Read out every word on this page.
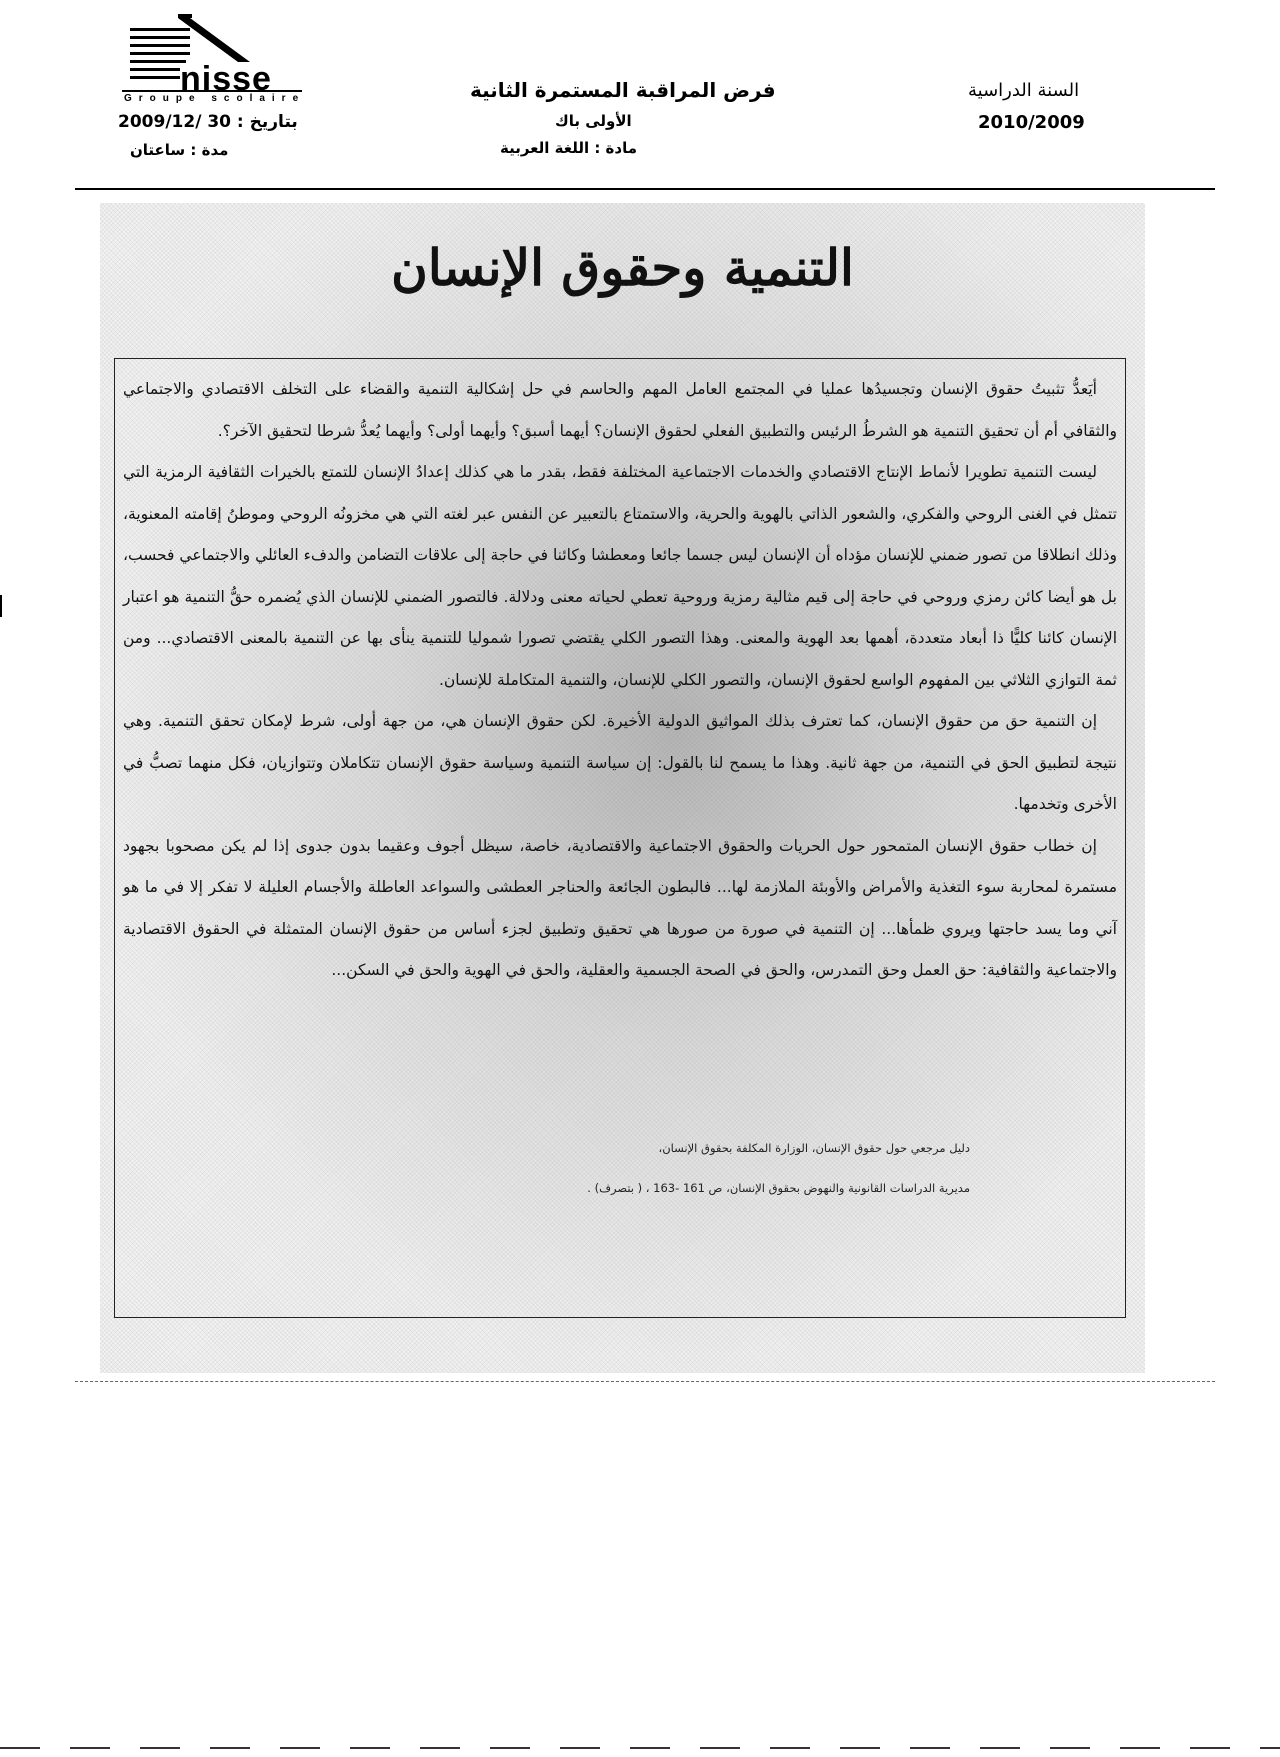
nisse
Groupe scolaire
بتاريخ : 30 /2009/12
مدة : ساعتان
فرض المراقبة المستمرة الثانية
الأولى باك
مادة : اللغة العربية
السنة الدراسية
2010/2009
التنمية وحقوق الإنسان

أيَعدُّ تثبيتُ حقوق الإنسان وتجسيدُها عمليا في المجتمع العامل المهم والحاسم في حل إشكالية التنمية والقضاء على التخلف الاقتصادي والاجتماعي والثقافي أم أن تحقيق التنمية هو الشرطُ الرئيس والتطبيق الفعلي لحقوق الإنسان؟ أيهما أسبق؟ وأيهما أولى؟ وأيهما يُعدُّ شرطا لتحقيق الآخر؟.

ليست التنمية تطويرا لأنماط الإنتاج الاقتصادي والخدمات الاجتماعية المختلفة فقط، بقدر ما هي كذلك إعدادُ الإنسان للتمتع بالخيرات الثقافية الرمزية التي تتمثل في الغنى الروحي والفكري، والشعور الذاتي بالهوية والحرية، والاستمتاع بالتعبير عن النفس عبر لغته التي هي مخزونُه الروحي وموطنُ إقامته المعنوية، وذلك انطلاقا من تصور ضمني للإنسان مؤداه أن الإنسان ليس جسما جائعا ومعطشا وكائنا في حاجة إلى علاقات التضامن والدفء العائلي والاجتماعي فحسب، بل هو أيضا كائن رمزي وروحي في حاجة إلى قيم مثالية رمزية وروحية تعطي لحياته معنى ودلالة. فالتصور الضمني للإنسان الذي يُضمره حقُّ التنمية هو اعتبار الإنسان كائنا كليًّا ذا أبعاد متعددة، أهمها بعد الهوية والمعنى. وهذا التصور الكلي يقتضي تصورا شموليا للتنمية ينأى بها عن التنمية بالمعنى الاقتصادي... ومن ثمة التوازي الثلاثي بين المفهوم الواسع لحقوق الإنسان، والتصور الكلي للإنسان، والتنمية المتكاملة للإنسان.

إن التنمية حق من حقوق الإنسان، كما تعترف بذلك المواثيق الدولية الأخيرة. لكن حقوق الإنسان هي، من جهة أولى، شرط لإمكان تحقق التنمية. وهي نتيجة لتطبيق الحق في التنمية، من جهة ثانية. وهذا ما يسمح لنا بالقول: إن سياسة التنمية وسياسة حقوق الإنسان تتكاملان وتتوازيان، فكل منهما تصبُّ في الأخرى وتخدمها.

إن خطاب حقوق الإنسان المتمحور حول الحريات والحقوق الاجتماعية والاقتصادية، خاصة، سيظل أجوف وعقيما بدون جدوى إذا لم يكن مصحوبا بجهود مستمرة لمحاربة سوء التغذية والأمراض والأوبئة الملازمة لها... فالبطون الجائعة والحناجر العطشى والسواعد العاطلة والأجسام العليلة لا تفكر إلا في ما هو آني وما يسد حاجتها ويروي ظمأها... إن التنمية في صورة من صورها هي تحقيق وتطبيق لجزء أساس من حقوق الإنسان المتمثلة في الحقوق الاقتصادية والاجتماعية والثقافية: حق العمل وحق التمدرس، والحق في الصحة الجسمية والعقلية، والحق في الهوية والحق في السكن...

دليل مرجعي حول حقوق الإنسان، الوزارة المكلفة بحقوق الإنسان،
مديرية الدراسات القانونية والنهوض بحقوق الإنسان، ص 161 -163 ، ( بتصرف) .
